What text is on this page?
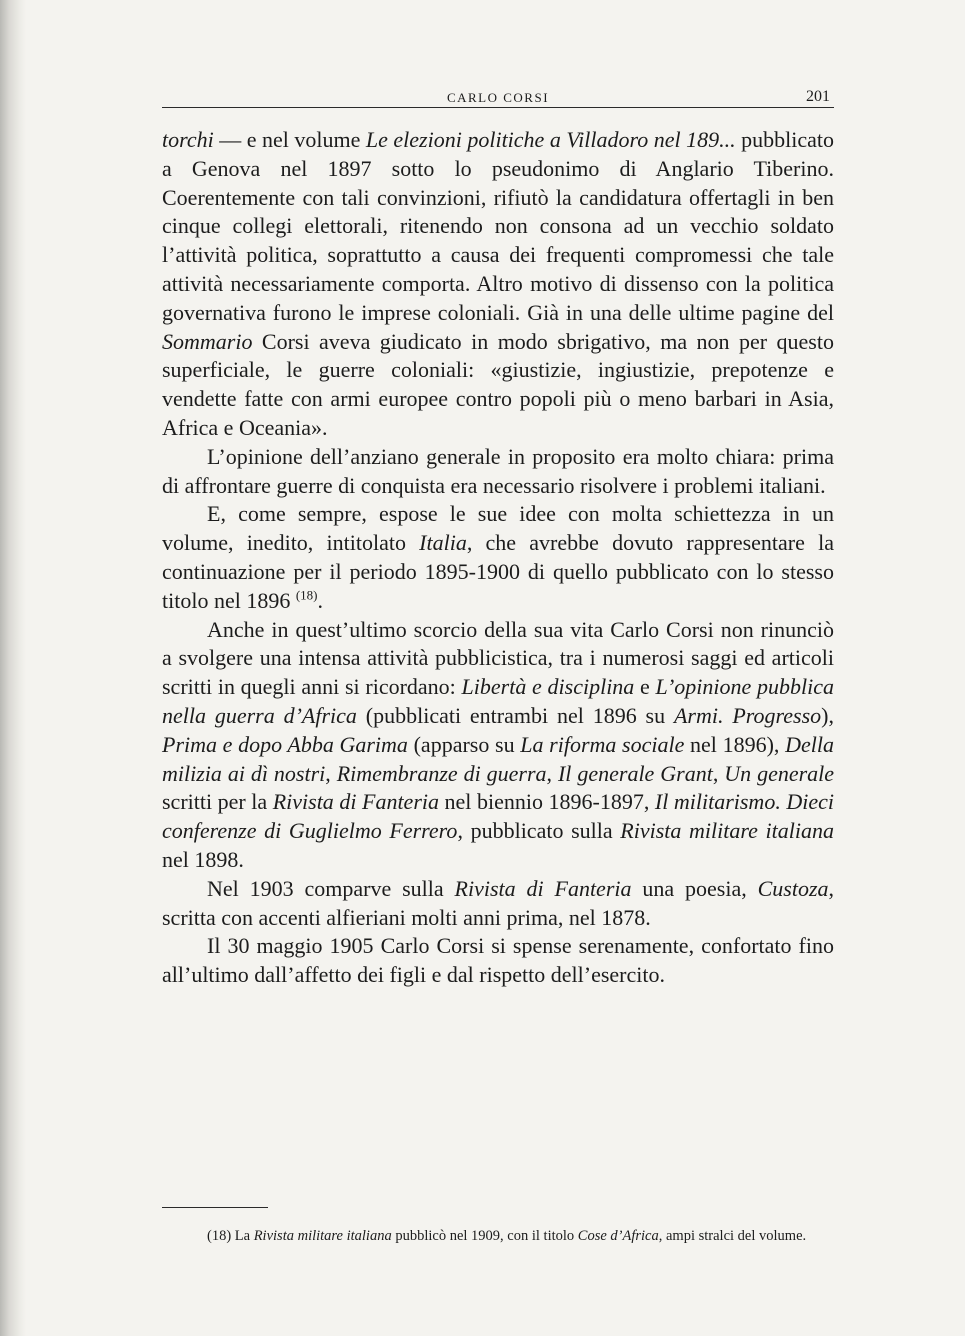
CARLO CORSI	201

torchi — e nel volume Le elezioni politiche a Villadoro nel 189... pubblicato a Genova nel 1897 sotto lo pseudonimo di Anglario Tiberino. Coerentemente con tali convinzioni, rifiutò la candidatura offertagli in ben cinque collegi elettorali, ritenendo non consona ad un vecchio soldato l’attività politica, soprattutto a causa dei frequenti compromessi che tale attività necessariamente comporta. Altro motivo di dissenso con la politica governativa furono le imprese coloniali. Già in una delle ultime pagine del Sommario Corsi aveva giudicato in modo sbrigativo, ma non per questo superficiale, le guerre coloniali: «giustizie, ingiustizie, prepotenze e vendette fatte con armi europee contro popoli più o meno barbari in Asia, Africa e Oceania».

L’opinione dell’anziano generale in proposito era molto chiara: prima di affrontare guerre di conquista era necessario risolvere i problemi italiani.

E, come sempre, espose le sue idee con molta schiettezza in un volume, inedito, intitolato Italia, che avrebbe dovuto rappresentare la continuazione per il periodo 1895-1900 di quello pubblicato con lo stesso titolo nel 1896 $^{(18)}$.

Anche in quest’ultimo scorcio della sua vita Carlo Corsi non rinunciò a svolgere una intensa attività pubblicistica, tra i numerosi saggi ed articoli scritti in quegli anni si ricordano: Libertà e disciplina e L’opinione pubblica nella guerra d’Africa (pubblicati entrambi nel 1896 su Armi. Progresso), Prima e dopo Abba Garima (apparso su La riforma sociale nel 1896), Della milizia ai dì nostri, Rimembranze di guerra, Il generale Grant, Un generale scritti per la Rivista di Fanteria nel biennio 1896-1897, Il militarismo. Dieci conferenze di Guglielmo Ferrero, pubblicato sulla Rivista militare italiana nel 1898.

Nel 1903 comparve sulla Rivista di Fanteria una poesia, Custoza, scritta con accenti alfieriani molti anni prima, nel 1878.

Il 30 maggio 1905 Carlo Corsi si spense serenamente, confortato fino all’ultimo dall’affetto dei figli e dal rispetto dell’esercito.

(18) La Rivista militare italiana pubblicò nel 1909, con il titolo Cose d’Africa, ampi stralci del volume.
